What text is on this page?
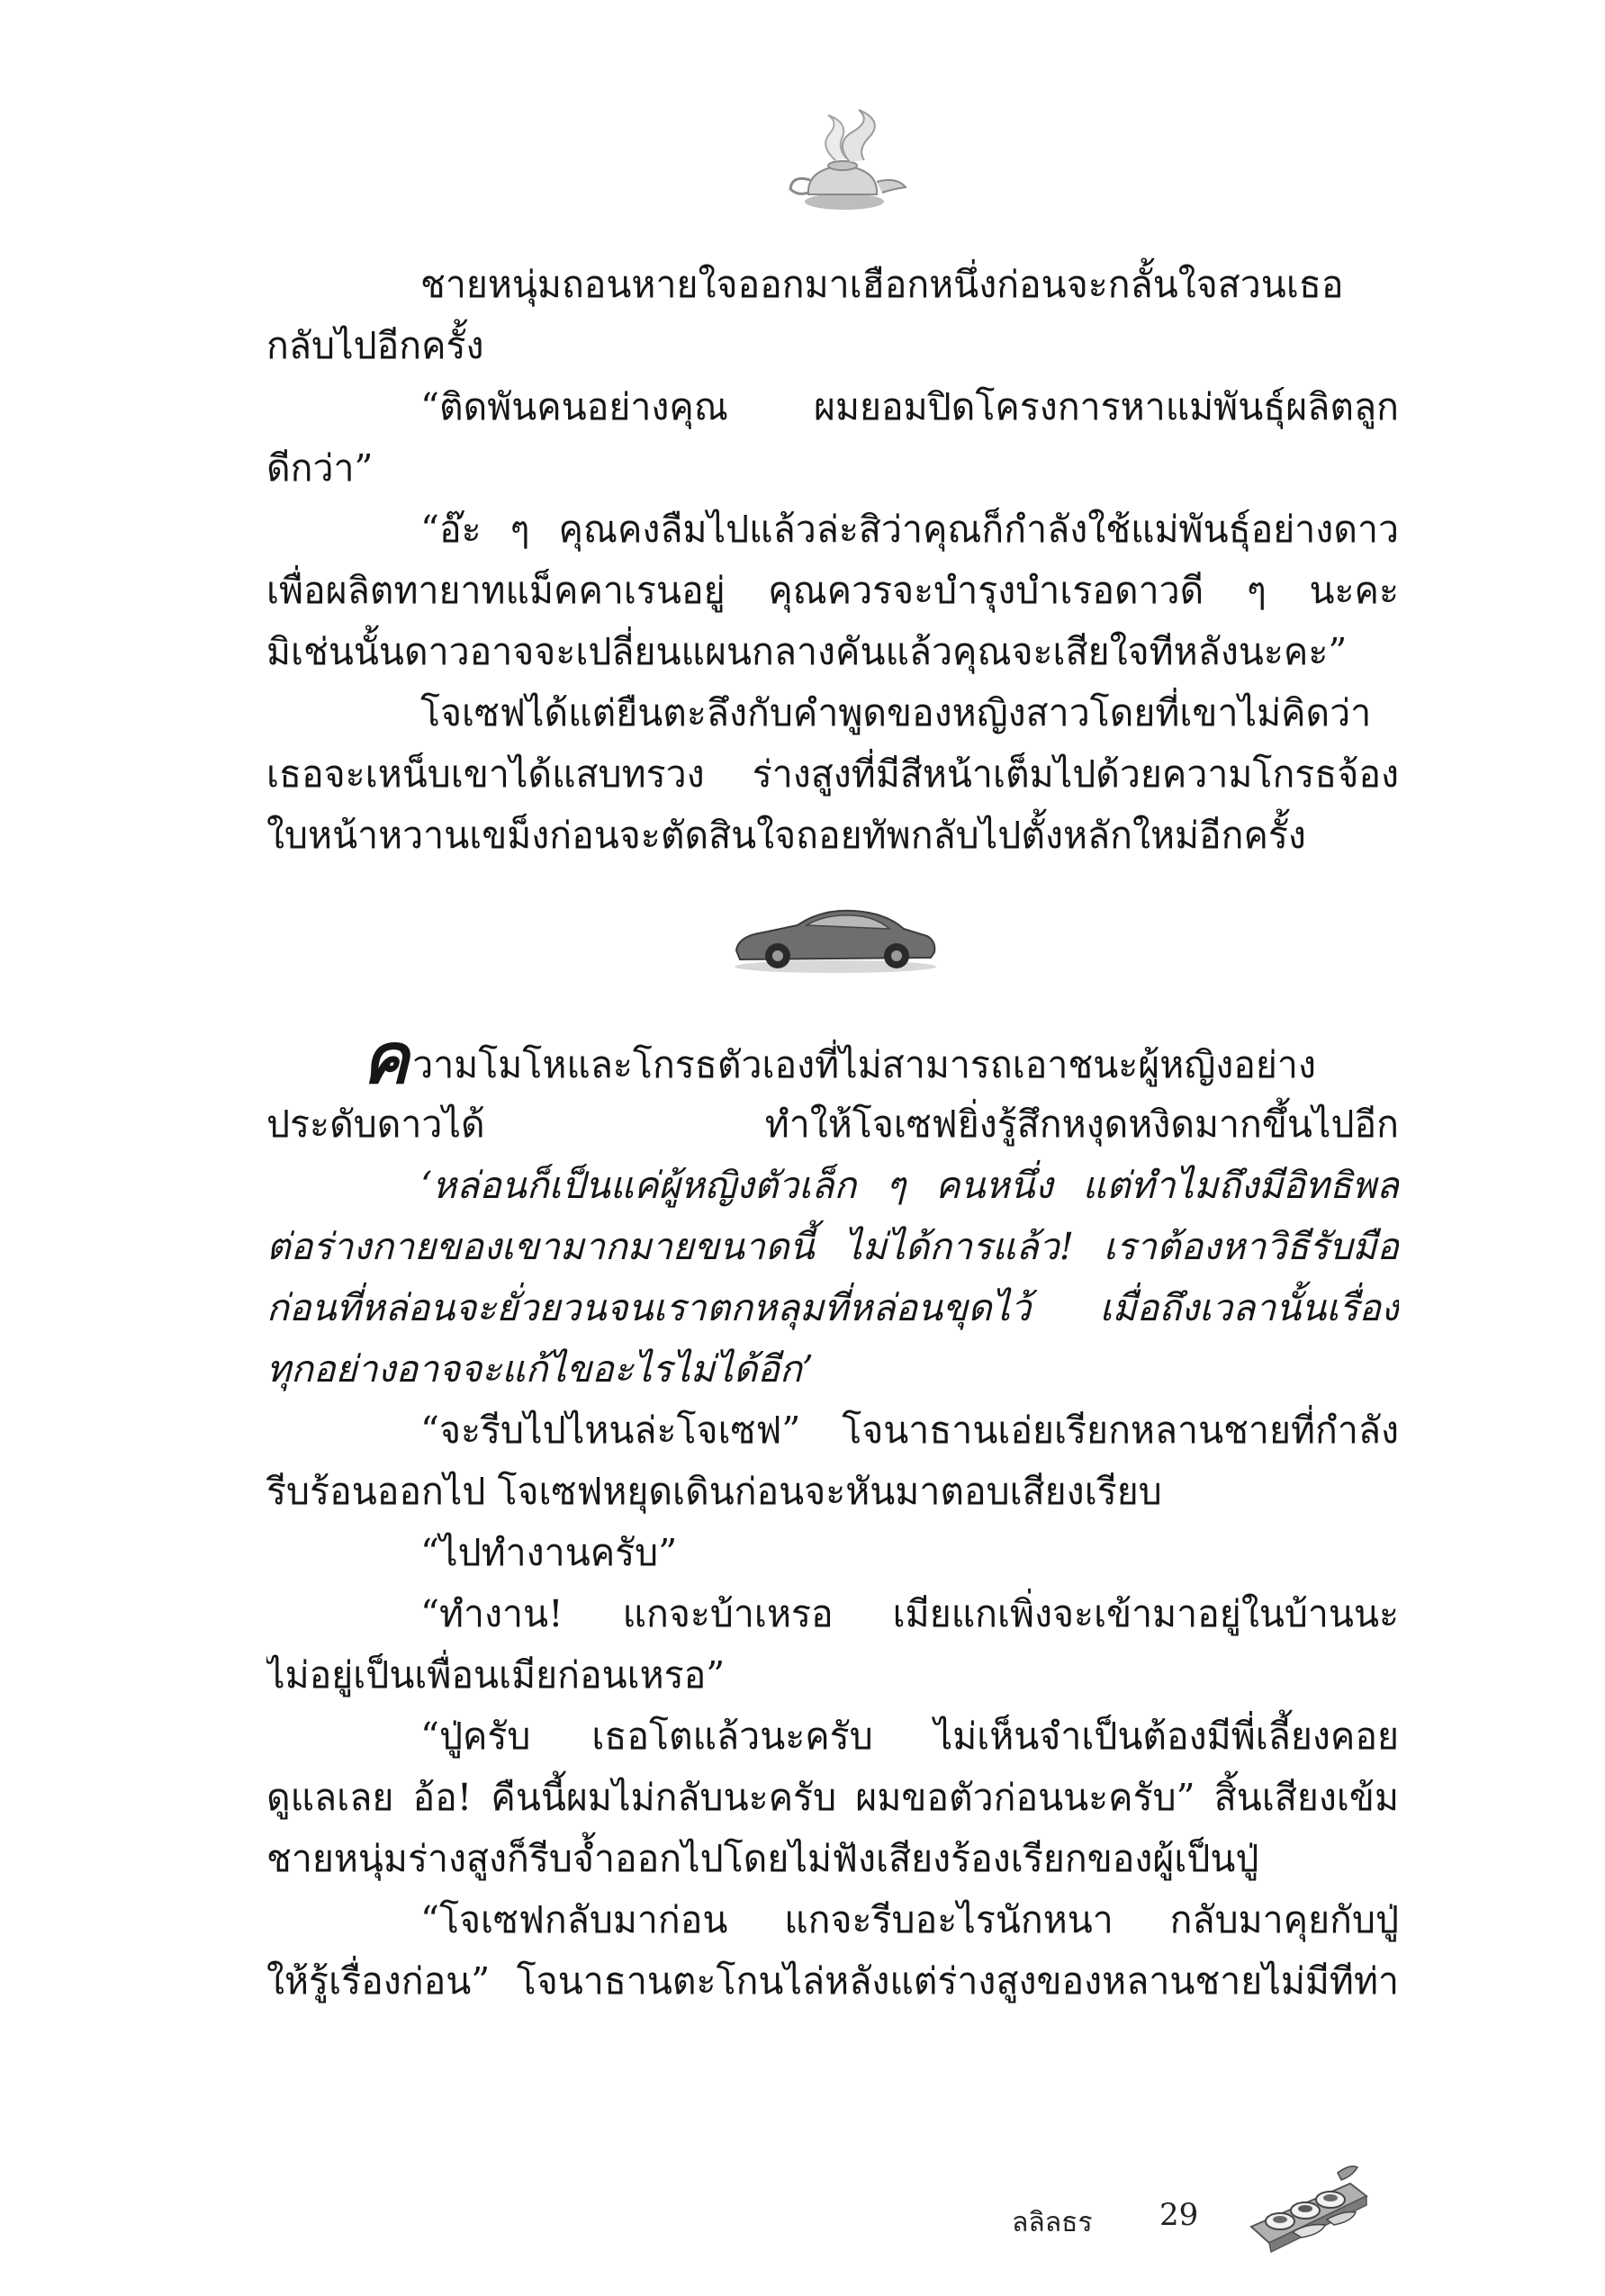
ชายหนุ่มถอนหายใจออกมาเฮือกหนึ่งก่อนจะกลั้นใจสวนเธอ
กลับไปอีกครั้ง
“ติดพันคนอย่างคุณ ผมยอมปิดโครงการหาแม่พันธุ์ผลิตลูก
ดีกว่า”
“อ๊ะ ๆ คุณคงลืมไปแล้วล่ะสิว่าคุณก็กำลังใช้แม่พันธุ์อย่างดาว
เพื่อผลิตทายาทแม็คคาเรนอยู่ คุณควรจะบำรุงบำเรอดาวดี ๆ นะคะ
มิเช่นนั้นดาวอาจจะเปลี่ยนแผนกลางคันแล้วคุณจะเสียใจทีหลังนะคะ”
โจเซฟได้แต่ยืนตะลึงกับคำพูดของหญิงสาวโดยที่เขาไม่คิดว่า
เธอจะเหน็บเขาได้แสบทรวง ร่างสูงที่มีสีหน้าเต็มไปด้วยความโกรธจ้อง
ใบหน้าหวานเขม็งก่อนจะตัดสินใจถอยทัพกลับไปตั้งหลักใหม่อีกครั้ง
ความโมโหและโกรธตัวเองที่ไม่สามารถเอาชนะผู้หญิงอย่าง
ประดับดาวได้ ทำให้โจเซฟยิ่งรู้สึกหงุดหงิดมากขึ้นไปอีก
‘หล่อนก็เป็นแค่ผู้หญิงตัวเล็ก ๆ คนหนึ่ง แต่ทำไมถึงมีอิทธิพล
ต่อร่างกายของเขามากมายขนาดนี้ ไม่ได้การแล้ว! เราต้องหาวิธีรับมือ
ก่อนที่หล่อนจะยั่วยวนจนเราตกหลุมที่หล่อนขุดไว้ เมื่อถึงเวลานั้นเรื่อง
ทุกอย่างอาจจะแก้ไขอะไรไม่ได้อีก’
“จะรีบไปไหนล่ะโจเซฟ” โจนาธานเอ่ยเรียกหลานชายที่กำลัง
รีบร้อนออกไป โจเซฟหยุดเดินก่อนจะหันมาตอบเสียงเรียบ
“ไปทำงานครับ”
“ทำงาน! แกจะบ้าเหรอ เมียแกเพิ่งจะเข้ามาอยู่ในบ้านนะ
ไม่อยู่เป็นเพื่อนเมียก่อนเหรอ”
“ปู่ครับ เธอโตแล้วนะครับ ไม่เห็นจำเป็นต้องมีพี่เลี้ยงคอย
ดูแลเลย อ้อ! คืนนี้ผมไม่กลับนะครับ ผมขอตัวก่อนนะครับ” สิ้นเสียงเข้ม
ชายหนุ่มร่างสูงก็รีบจ้ำออกไปโดยไม่ฟังเสียงร้องเรียกของผู้เป็นปู่
“โจเซฟกลับมาก่อน แกจะรีบอะไรนักหนา กลับมาคุยกับปู่
ให้รู้เรื่องก่อน” โจนาธานตะโกนไล่หลังแต่ร่างสูงของหลานชายไม่มีทีท่า
ลลิลธร 29
